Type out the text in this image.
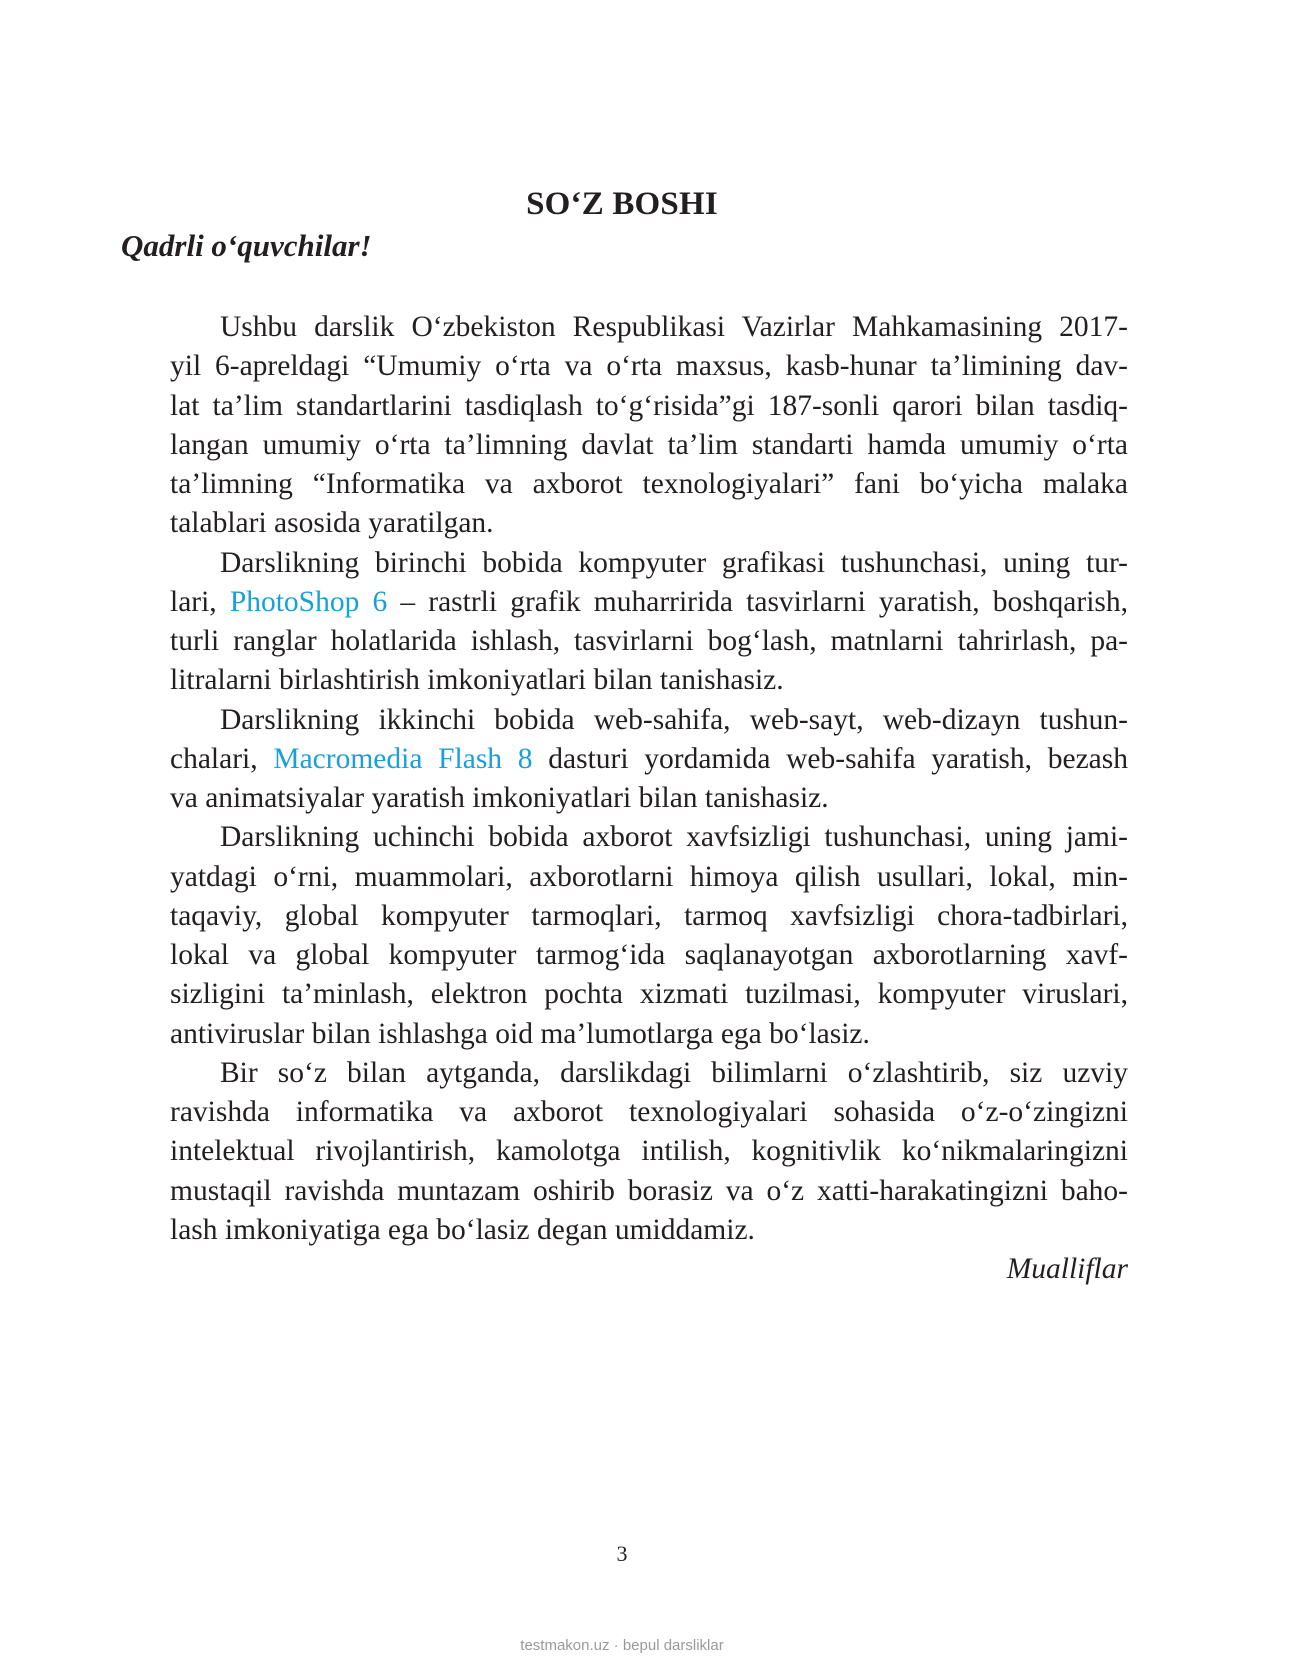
SO‘Z BOSHI
Qadrli o‘quvchilar!

Ushbu darslik O‘zbekiston Respublikasi Vazirlar Mahkamasining 2017-
yil 6-apreldagi “Umumiy o‘rta va o‘rta maxsus, kasb-hunar ta’limining dav-
lat ta’lim standartlarini tasdiqlash to‘g‘risida”gi 187-sonli qarori bilan tasdiq-
langan umumiy o‘rta ta’limning davlat ta’lim standarti hamda umumiy o‘rta
ta’limning “Informatika va axborot texnologiyalari” fani bo‘yicha malaka
talablari asosida yaratilgan.

Darslikning birinchi bobida kompyuter grafikasi tushunchasi, uning tur-
lari, PhotoShop 6 – rastrli grafik muharririda tasvirlarni yaratish, boshqarish,
turli ranglar holatlarida ishlash, tasvirlarni bog‘lash, matnlarni tahrirlash, pa-
litralarni birlashtirish imkoniyatlari bilan tanishasiz.

Darslikning ikkinchi bobida web-sahifa, web-sayt, web-dizayn tushun-
chalari, Macromedia Flash 8 dasturi yordamida web-sahifa yaratish, bezash
va animatsiyalar yaratish imkoniyatlari bilan tanishasiz.

Darslikning uchinchi bobida axborot xavfsizligi tushunchasi, uning jami-
yatdagi o‘rni, muammolari, axborotlarni himoya qilish usullari, lokal, min-
taqaviy, global kompyuter tarmoqlari, tarmoq xavfsizligi chora-tadbirlari,
lokal va global kompyuter tarmog‘ida saqlanayotgan axborotlarning xavf-
sizligini ta’minlash, elektron pochta xizmati tuzilmasi, kompyuter viruslari,
antiviruslar bilan ishlashga oid ma’lumotlarga ega bo‘lasiz.

Bir so‘z bilan aytganda, darslikdagi bilimlarni o‘zlashtirib, siz uzviy
ravishda informatika va axborot texnologiyalari sohasida o‘z-o‘zingizni
intelektual rivojlantirish, kamolotga intilish, kognitivlik ko‘nikmalaringizni
mustaqil ravishda muntazam oshirib borasiz va o‘z xatti-harakatingizni baho-
lash imkoniyatiga ega bo‘lasiz degan umiddamiz.

Mualliflar

3

testmakon.uz · bepul darsliklar
